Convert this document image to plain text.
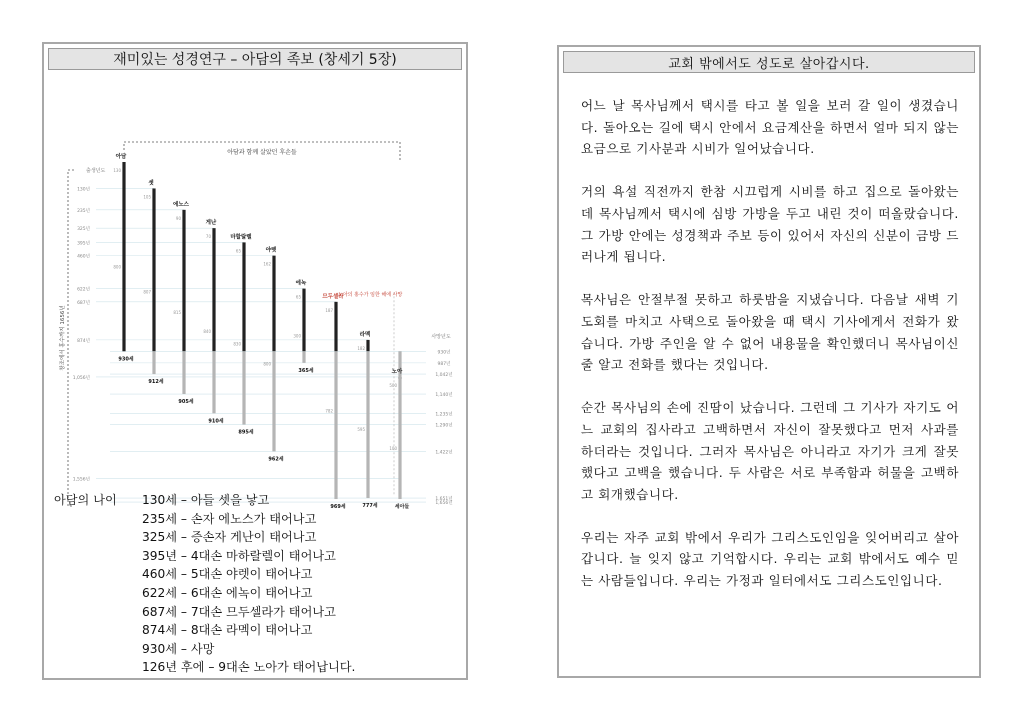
재미있는 성경연구 – 아담의 족보 (창세기 5장)
아담과 함께 살았던 후손들
출생년도
사망년도
창조에서 홍수까지 1656년
130년
235년
325년
395년
460년
622년
687년
874년
1,056년
1,556년
930년
987년
1,042년
1,140년
1,235년
1,290년
1,422년
1,651년
1,656년
노아의 홍수가 임한 해에 사망
아담
130
800
930세
셋
105
807
912세
에노스
90
815
905세
게난
70
840
910세
마할랄렐
65
830
895세
야렛
162
800
962세
에녹
65
300
365세
므두셀라
187
782
969세
라멕
182
595
777세
노아
500
100
세아들
아담의 나이	130세 – 아들 셋을 낳고
235세 – 손자 에노스가 태어나고
325세 – 증손자 게난이 태어나고
395년 – 4대손 마하랄렐이 태어나고
460세 – 5대손 야렛이 태어나고
622세 – 6대손 에녹이 태어나고
687세 – 7대손 므두셀라가 태어나고
874세 – 8대손 라멕이 태어나고
930세 – 사망
126년 후에 – 9대손 노아가 태어납니다.
교회 밖에서도 성도로 살아갑시다.

어느 날 목사님께서 택시를 타고 볼 일을 보러 갈 일이 생겼습니다. 돌아오는 길에 택시 안에서 요금계산을 하면서 얼마 되지 않는 요금으로 기사분과 시비가 일어났습니다.

거의 욕설 직전까지 한참 시끄럽게 시비를 하고 집으로 돌아왔는데 목사님께서 택시에 심방 가방을 두고 내린 것이 떠올랐습니다. 그 가방 안에는 성경책과 주보 등이 있어서 자신의 신분이 금방 드러나게 됩니다.

목사님은 안절부절 못하고 하룻밤을 지냈습니다. 다음날 새벽 기도회를 마치고 사택으로 돌아왔을 때 택시 기사에게서 전화가 왔습니다. 가방 주인을 알 수 없어 내용물을 확인했더니 목사님이신 줄 알고 전화를 했다는 것입니다.

순간 목사님의 손에 진땀이 났습니다. 그런데 그 기사가 자기도 어느 교회의 집사라고 고백하면서 자신이 잘못했다고 먼저 사과를 하더라는 것입니다. 그러자 목사님은 아니라고 자기가 크게 잘못했다고 고백을 했습니다. 두 사람은 서로 부족함과 허물을 고백하고 회개했습니다.

우리는 자주 교회 밖에서 우리가 그리스도인임을 잊어버리고 살아갑니다. 늘 잊지 않고 기억합시다. 우리는 교회 밖에서도 예수 믿는 사람들입니다. 우리는 가정과 일터에서도 그리스도인입니다.
